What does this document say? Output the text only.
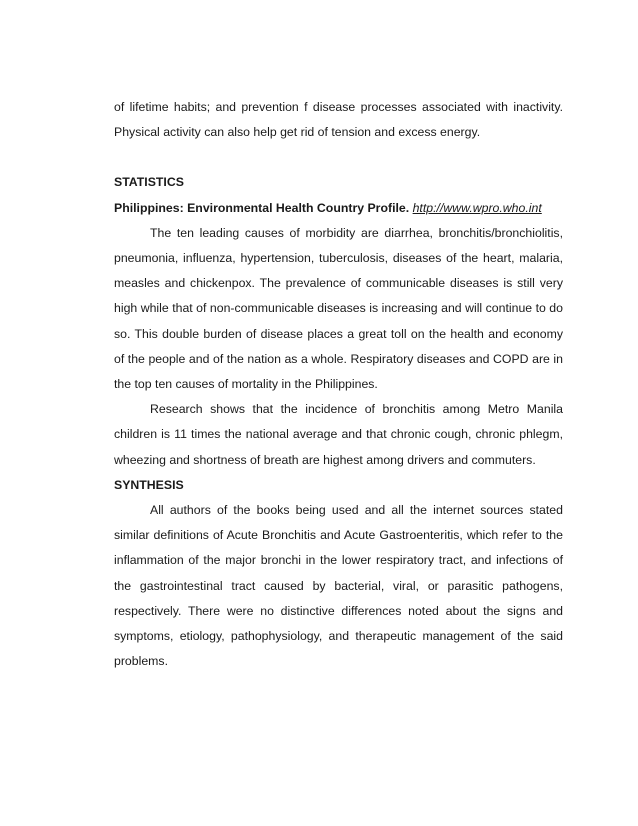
of lifetime habits; and prevention f disease processes associated with inactivity. Physical activity can also help get rid of tension and excess energy.

STATISTICS
Philippines: Environmental Health Country Profile. http://www.wpro.who.int

The ten leading causes of morbidity are diarrhea, bronchitis/bronchiolitis, pneumonia, influenza, hypertension, tuberculosis, diseases of the heart, malaria, measles and chickenpox. The prevalence of communicable diseases is still very high while that of non-communicable diseases is increasing and will continue to do so. This double burden of disease places a great toll on the health and economy of the people and of the nation as a whole. Respiratory diseases and COPD are in the top ten causes of mortality in the Philippines.

Research shows that the incidence of bronchitis among Metro Manila children is 11 times the national average and that chronic cough, chronic phlegm, wheezing and shortness of breath are highest among drivers and commuters.

SYNTHESIS

All authors of the books being used and all the internet sources stated similar definitions of Acute Bronchitis and Acute Gastroenteritis, which refer to the inflammation of the major bronchi in the lower respiratory tract, and infections of the gastrointestinal tract caused by bacterial, viral, or parasitic pathogens, respectively. There were no distinctive differences noted about the signs and symptoms, etiology, pathophysiology, and therapeutic management of the said problems.
